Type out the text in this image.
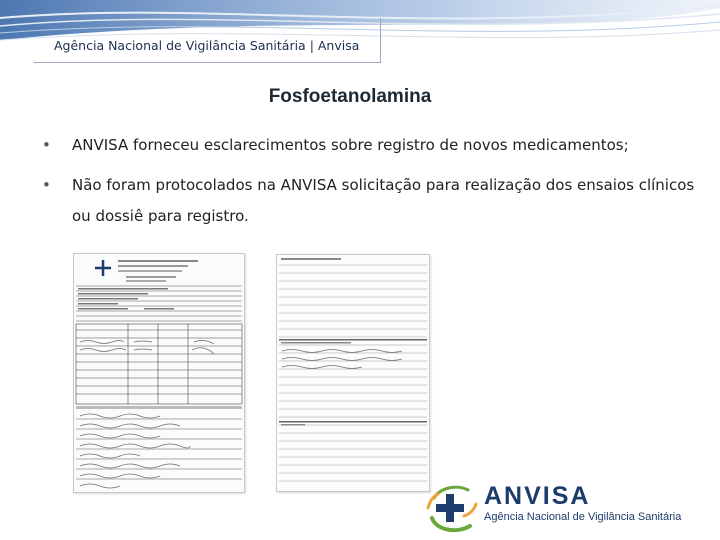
Agência Nacional de Vigilância Sanitária | Anvisa
Fosfoetanolamina
• ANVISA forneceu esclarecimentos sobre registro de novos medicamentos;
• Não foram protocolados na ANVISA solicitação para realização dos ensaios clínicos ou dossiê para registro.
ANVISA
Agência Nacional de Vigilância Sanitária
